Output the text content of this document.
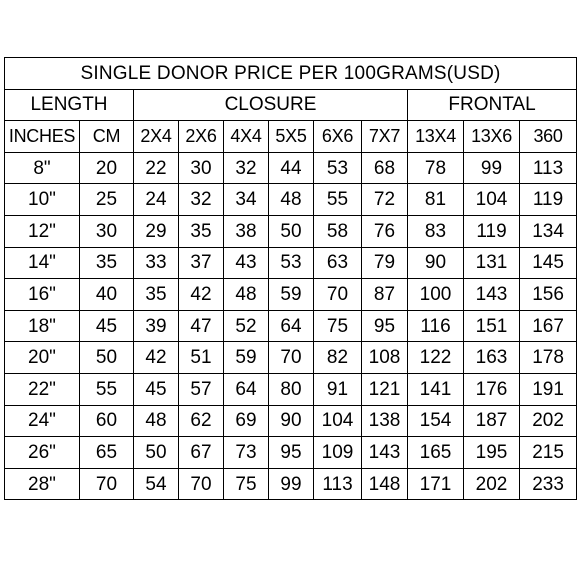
SINGLE DONOR PRICE PER 100GRAMS(USD)										
LENGTH		CLOSURE						FRONTAL		
INCHES	CM	2X4	2X6	4X4	5X5	6X6	7X7	13X4	13X6	360
8"	20	22	30	32	44	53	68	78	99	113
10"	25	24	32	34	48	55	72	81	104	119
12"	30	29	35	38	50	58	76	83	119	134
14"	35	33	37	43	53	63	79	90	131	145
16"	40	35	42	48	59	70	87	100	143	156
18"	45	39	47	52	64	75	95	116	151	167
20"	50	42	51	59	70	82	108	122	163	178
22"	55	45	57	64	80	91	121	141	176	191
24"	60	48	62	69	90	104	138	154	187	202
26"	65	50	67	73	95	109	143	165	195	215
28"	70	54	70	75	99	113	148	171	202	233
